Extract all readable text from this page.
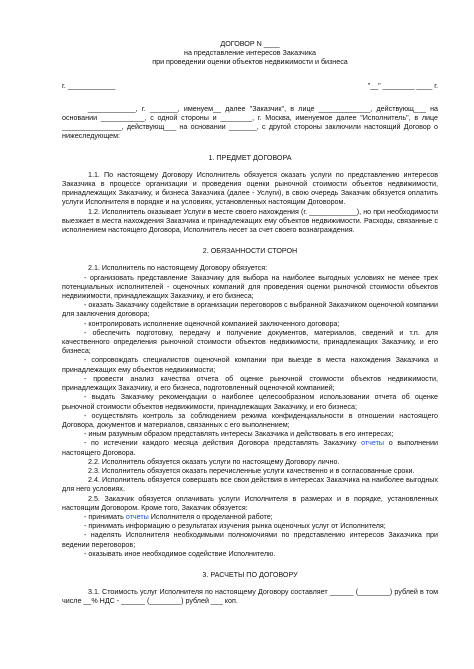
ДОГОВОР N ____
на представление интересов Заказчика
при проведении оценки объектов недвижимости и бизнеса
г. ____________	"__" ________ ____ г.

____________, г. _______, именуем__ далее "Заказчик", в лице _____________, действующ___ на основании ___________, с одной стороны и ________, г. Москва, именуемое далее "Исполнитель", в лице _______________, действующ___ на основании _______, с другой стороны заключили настоящий Договор о нижеследующем:

1. ПРЕДМЕТ ДОГОВОРА

1.1. По настоящему Договору Исполнитель обязуется оказать услуги по представлению интересов Заказчика в процессе организации и проведения оценки рыночной стоимости объектов недвижимости, принадлежащих Заказчику, и бизнеса Заказчика (далее - Услуги), в свою очередь Заказчик обязуется оплатить услуги Исполнителя в порядке и на условиях, установленных настоящим Договором.

1.2. Исполнитель оказывает Услуги в месте своего нахождения (г. ____________), но при необходимости выезжает в места нахождения Заказчика и принадлежащих ему объектов недвижимости. Расходы, связанные с исполнением настоящего Договора, Исполнитель несет за счет своего вознаграждения.

2. ОБЯЗАННОСТИ СТОРОН

2.1. Исполнитель по настоящему Договору обязуется:

- организовать представление Заказчику для выбора на наиболее выгодных условиях не менее трех потенциальных исполнителей - оценочных компаний для проведения оценки рыночной стоимости объектов недвижимости, принадлежащих Заказчику, и его бизнеса;

- оказать Заказчику содействие в организации переговоров с выбранной Заказчиком оценочной компании для заключения договора;

- контролировать исполнение оценочной компанией заключенного договора;

- обеспечить подготовку, передачу и получение документов, материалов, сведений и т.п. для качественного определения рыночной стоимости объектов недвижимости, принадлежащих Заказчику, и его бизнеса;

- сопровождать специалистов оценочной компании при выезде в места нахождения Заказчика и принадлежащих ему объектов недвижимости;

- провести анализ качества отчета об оценке рыночной стоимости объектов недвижимости, принадлежащих Заказчику, и его бизнеса, подготовленный оценочной компанией;

- выдать Заказчику рекомендации о наиболее целесообразном использовании отчета об оценке рыночной стоимости объектов недвижимости, принадлежащих Заказчику, и его бизнеса;

- осуществлять контроль за соблюдением режима конфиденциальности в отношении настоящего Договора, документов и материалов, связанных с его выполнением;

- иным разумным образом представлять интересы Заказчика и действовать в его интересах;

- по истечении каждого месяца действия Договора представлять Заказчику отчеты о выполнении настоящего Договора.

2.2. Исполнитель обязуется оказать услуги по настоящему Договору лично.

2.3. Исполнитель обязуется оказать перечисленные услуги качественно и в согласованные сроки.

2.4. Исполнитель обязуется совершать все свои действия в интересах Заказчика на наиболее выгодных для него условиях.

2.5. Заказчик обязуется оплачивать услуги Исполнителя в размерах и в порядке, установленных настоящим Договором. Кроме того, Заказчик обязуется:

- принимать отчеты Исполнителя о проделанной работе;

- принимать информацию о результатах изучения рынка оценочных услуг от Исполнителя;

- наделять Исполнителя необходимыми полномочиями по представлению интересов Заказчика при ведении переговоров;

- оказывать иное необходимое содействие Исполнителю.

3. РАСЧЕТЫ ПО ДОГОВОРУ

3.1. Стоимость услуг Исполнителя по настоящему Договору составляет ______ (________) рублей в том числе __% НДС - ______ (________) рублей ___ коп.
